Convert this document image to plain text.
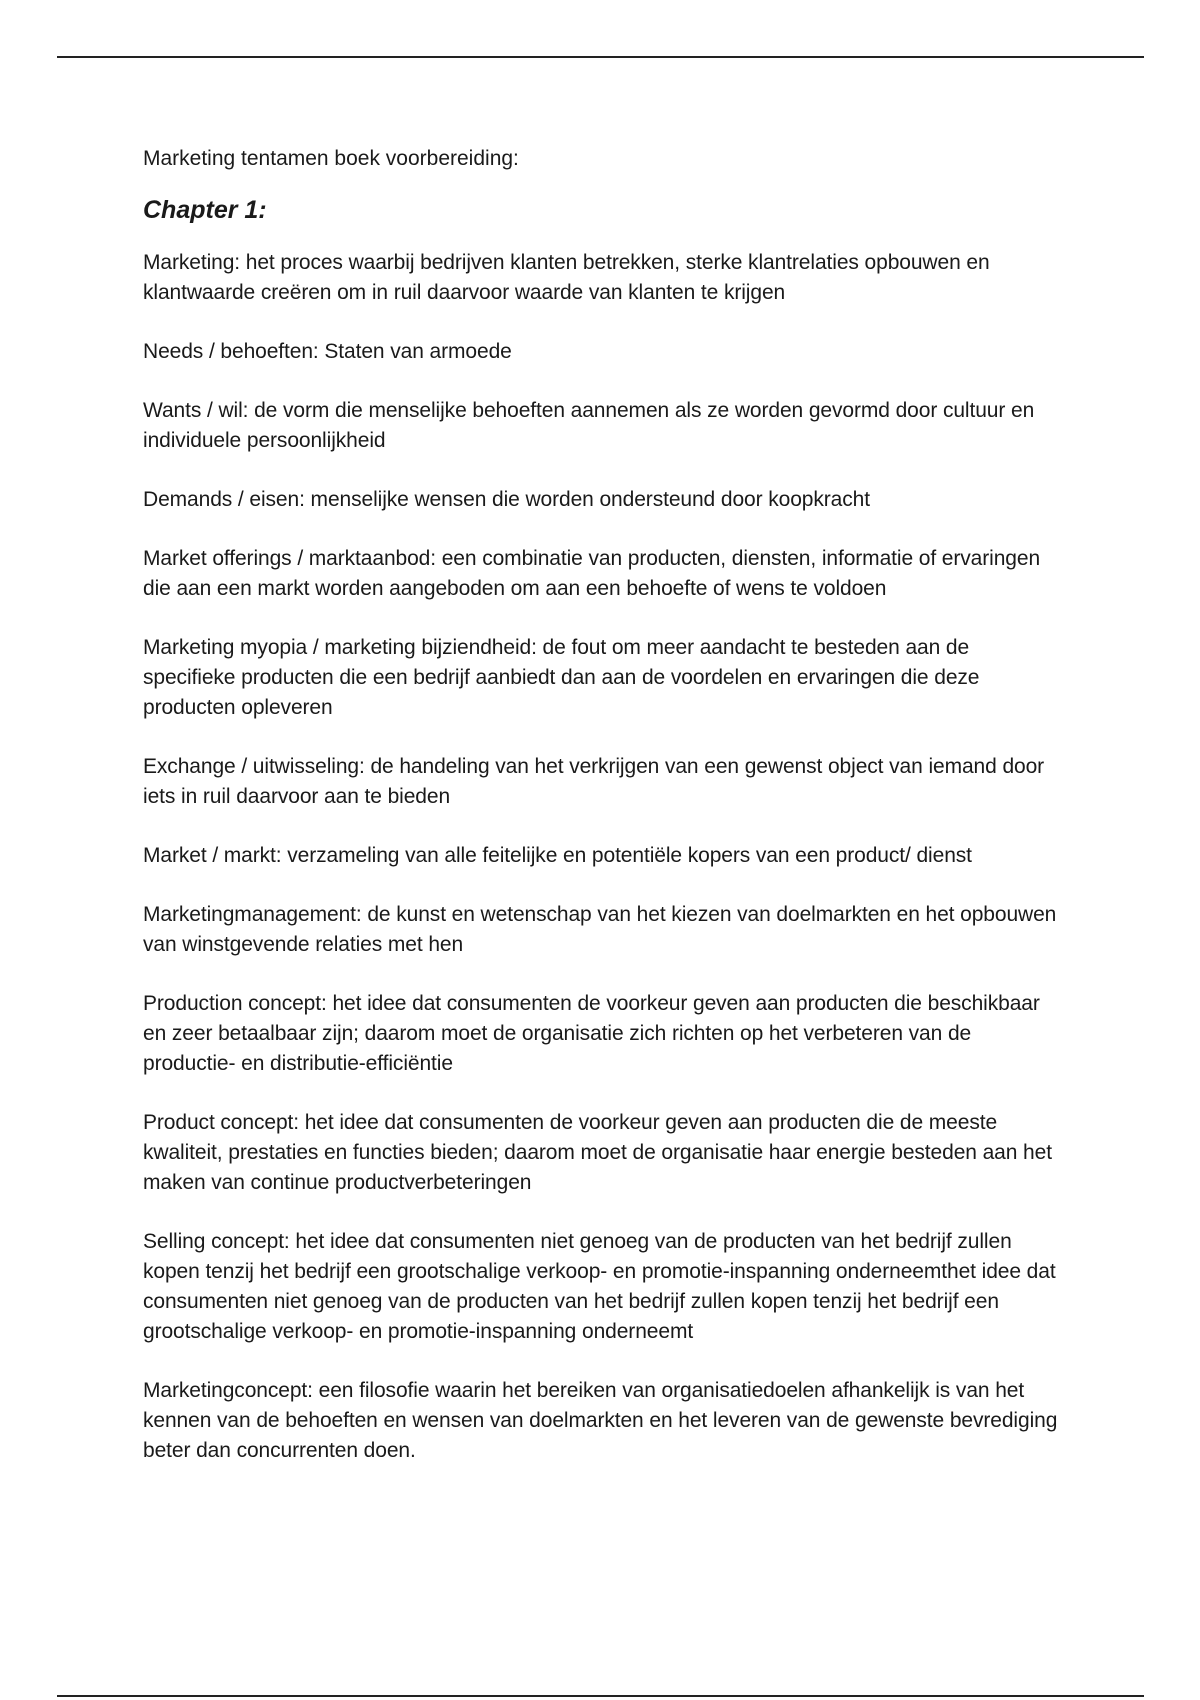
Marketing tentamen boek voorbereiding:

Chapter 1:

Marketing: het proces waarbij bedrijven klanten betrekken, sterke klantrelaties opbouwen en klantwaarde creëren om in ruil daarvoor waarde van klanten te krijgen

Needs / behoeften: Staten van armoede

Wants / wil: de vorm die menselijke behoeften aannemen als ze worden gevormd door cultuur en individuele persoonlijkheid

Demands / eisen: menselijke wensen die worden ondersteund door koopkracht

Market offerings / marktaanbod: een combinatie van producten, diensten, informatie of ervaringen die aan een markt worden aangeboden om aan een behoefte of wens te voldoen

Marketing myopia / marketing bijziendheid: de fout om meer aandacht te besteden aan de specifieke producten die een bedrijf aanbiedt dan aan de voordelen en ervaringen die deze producten opleveren

Exchange / uitwisseling: de handeling van het verkrijgen van een gewenst object van iemand door iets in ruil daarvoor aan te bieden

Market / markt: verzameling van alle feitelijke en potentiële kopers van een product/ dienst

Marketingmanagement: de kunst en wetenschap van het kiezen van doelmarkten en het opbouwen van winstgevende relaties met hen

Production concept: het idee dat consumenten de voorkeur geven aan producten die beschikbaar en zeer betaalbaar zijn; daarom moet de organisatie zich richten op het verbeteren van de productie- en distributie-efficiëntie

Product concept: het idee dat consumenten de voorkeur geven aan producten die de meeste kwaliteit, prestaties en functies bieden; daarom moet de organisatie haar energie besteden aan het maken van continue productverbeteringen

Selling concept: het idee dat consumenten niet genoeg van de producten van het bedrijf zullen kopen tenzij het bedrijf een grootschalige verkoop- en promotie-inspanning onderneemthet idee dat consumenten niet genoeg van de producten van het bedrijf zullen kopen tenzij het bedrijf een grootschalige verkoop- en promotie-inspanning onderneemt

Marketingconcept: een filosofie waarin het bereiken van organisatiedoelen afhankelijk is van het kennen van de behoeften en wensen van doelmarkten en het leveren van de gewenste bevrediging beter dan concurrenten doen.
